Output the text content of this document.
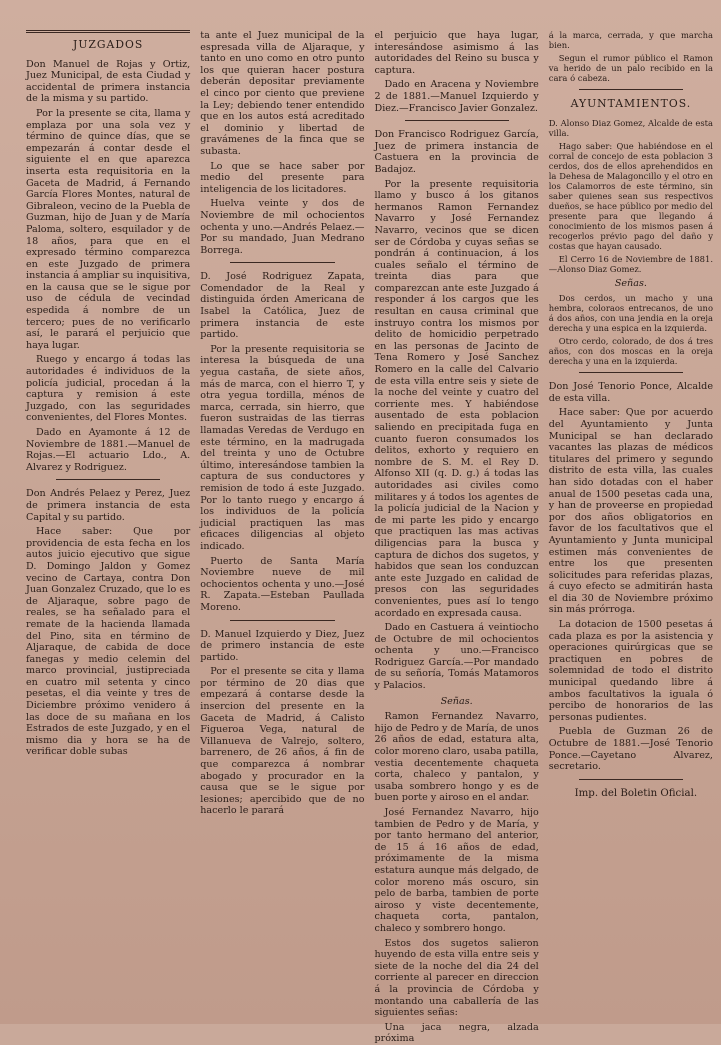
JUZGADOS

Don Manuel de Rojas y Ortiz, Juez Municipal, de esta Ciudad y accidental de primera instancia de la misma y su partido.

Por la presente se cita, llama y emplaza por una sola vez y término de quince días, que se empezarán á contar desde el siguiente el en que aparezca inserta esta requisitoria en la Gaceta de Madrid, á Fernando García Flores Montes, natural de Gibraleon, vecino de la Puebla de Guzman, hijo de Juan y de María Paloma, soltero, esquilador y de 18 años, para que en el expresado término comparezca en este Juzgado de primera instancia á ampliar su inquisitiva, en la causa que se le sigue por uso de cédula de vecindad espedida á nombre de un tercero; pues de no verificarlo así, le parará el perjuicio que haya lugar.

Ruego y encargo á todas las autoridades é individuos de la policía judicial, procedan á la captura y remision á este Juzgado, con las seguridades convenientes, del Flores Montes.

Dado en Ayamonte á 12 de Noviembre de 1881.—Manuel de Rojas.—El actuario Ldo., A. Alvarez y Rodriguez.

Don Andrés Pelaez y Perez, Juez de primera instancia de esta Capital y su partido.

Hace saber: Que por providencia de esta fecha en los autos juicio ejecutivo que sigue D. Domingo Jaldon y Gomez vecino de Cartaya, contra Don Juan Gonzalez Cruzado, que lo es de Aljaraque, sobre pago de reales, se ha señalado para el remate de la hacienda llamada del Pino, sita en término de Aljaraque, de cabida de doce fanegas y medio celemin del marco provincial, justipreciada en cuatro mil setenta y cinco pesetas, el dia veinte y tres de Diciembre próximo venidero á las doce de su mañana en los Estrados de este Juzgado, y en el mismo dia y hora se ha de verificar doble subas

ta ante el Juez municipal de la espresada villa de Aljaraque, y tanto en uno como en otro punto los que quieran hacer postura deberán depositar previamente el cinco por ciento que previene la Ley; debiendo tener entendido que en los autos está acreditado el dominio y libertad de gravámenes de la finca que se subasta.

Lo que se hace saber por medio del presente para inteligencia de los licitadores.

Huelva veinte y dos de Noviembre de mil ochocientos ochenta y uno.—Andrés Pelaez.—Por su mandado, Juan Medrano Borrega.

D. José Rodriguez Zapata, Comendador de la Real y distinguida órden Americana de Isabel la Católica, Juez de primera instancia de este partido.

Por la presente requisitoria se interesa la búsqueda de una yegua castaña, de siete años, más de marca, con el hierro T, y otra yegua tordilla, ménos de marca, cerrada, sin hierro, que fueron sustraidas de las tierras llamadas Veredas de Verdugo en este término, en la madrugada del treinta y uno de Octubre último, interesándose tambien la captura de sus conductores y remision de todo á este Juzgado. Por lo tanto ruego y encargo á los individuos de la policía judicial practiquen las mas eficaces diligencias al objeto indicado.

Puerto de Santa María Noviembre nueve de mil ochocientos ochenta y uno.—José R. Zapata.—Esteban Paullada Moreno.

D. Manuel Izquierdo y Diez, Juez de primero instancia de este partido.

Por el presente se cita y llama por término de 20 dias que empezará á contarse desde la insercion del presente en la Gaceta de Madrid, á Calisto Figueroa Vega, natural de Villanueva de Valrejo, soltero, barrenero, de 26 años, á fin de que comparezca á nombrar abogado y procurador en la causa que se le sigue por lesiones; apercibido que de no hacerlo le parará

el perjuicio que haya lugar, interesándose asimismo á las autoridades del Reino su busca y captura.

Dado en Aracena y Noviembre 2 de 1881.—Manuel Izquierdo y Diez.—Francisco Javier Gonzalez.

Don Francisco Rodriguez García, Juez de primera instancia de Castuera en la provincia de Badajoz.

Por la presente requisitoria llamo y busco á los gitanos hermanos Ramon Fernandez Navarro y José Fernandez Navarro, vecinos que se dicen ser de Córdoba y cuyas señas se pondrán á continuacion, á los cuales señalo el término de treinta dias para que comparezcan ante este Juzgado á responder á los cargos que les resultan en causa criminal que instruyo contra los mismos por delito de homicidio perpetrado en las personas de Jacinto de Tena Romero y José Sanchez Romero en la calle del Calvario de esta villa entre seis y siete de la noche del veinte y cuatro del corriente mes. Y habiéndose ausentado de esta poblacion saliendo en precipitada fuga en cuanto fueron consumados los delitos, exhorto y requiero en nombre de S. M. el Rey D. Alfonso XII (q. D. g.) á todas las autoridades asi civiles como militares y á todos los agentes de la policía judicial de la Nacion y de mi parte les pido y encargo que practiquen las mas activas diligencias para la busca y captura de dichos dos sugetos, y habidos que sean los conduzcan ante este Juzgado en calidad de presos con las seguridades convenientes, pues así lo tengo acordado en expresada causa.

Dado en Castuera á veintiocho de Octubre de mil ochocientos ochenta y uno.—Francisco Rodriguez García.—Por mandado de su señoría, Tomás Matamoros y Palacios.

Señas.

Ramon Fernandez Navarro, hijo de Pedro y de María, de unos 26 años de edad, estatura alta, color moreno claro, usaba patilla, vestia decentemente chaqueta corta, chaleco y pantalon, y usaba sombrero hongo y es de buen porte y airoso en el andar.

José Fernandez Navarro, hijo tambien de Pedro y de María, y por tanto hermano del anterior, de 15 á 16 años de edad, próximamente de la misma estatura aunque más delgado, de color moreno más oscuro, sin pelo de barba, tambien de porte airoso y viste decentemente, chaqueta corta, pantalon, chaleco y sombrero hongo.

Estos dos sugetos salieron huyendo de esta villa entre seis y siete de la noche del dia 24 del corriente al parecer en direccion á la provincia de Córdoba y montando una caballería de las siguientes señas:

Una jaca negra, alzada próxima

á la marca, cerrada, y que marcha bien.

Segun el rumor público el Ramon va herido de un palo recibido en la cara ó cabeza.

AYUNTAMIENTOS.

D. Alonso Diaz Gomez, Alcalde de esta villa.

Hago saber: Que habiéndose en el corral de concejo de esta poblacion 3 cerdos, dos de ellos aprehendidos en la Dehesa de Malagoncillo y el otro en los Calamorros de este término, sin saber quienes sean sus respectivos dueños, se hace público por medio del presente para que llegando á conocimiento de los mismos pasen á recogerlos prévio pago del daño y costas que hayan causado.

El Cerro 16 de Noviembre de 1881.—Alonso Diaz Gomez.

Señas.

Dos cerdos, un macho y una hembra, coloraos entrecanos, de uno á dos años, con una jendia en la oreja derecha y una espica en la izquierda.

Otro cerdo, colorado, de dos á tres años, con dos moscas en la oreja derecha y una en la izquierda.

Don José Tenorio Ponce, Alcalde de esta villa.

Hace saber: Que por acuerdo del Ayuntamiento y Junta Municipal se han declarado vacantes las plazas de médicos titulares del primero y segundo distrito de esta villa, las cuales han sido dotadas con el haber anual de 1500 pesetas cada una, y han de proveerse en propiedad por dos años obligatorios en favor de los facultativos que el Ayuntamiento y Junta municipal estimen más convenientes de entre los que presenten solicitudes para referidas plazas, á cuyo efecto se admitirán hasta el dia 30 de Noviembre próximo sin más prórroga.

La dotacion de 1500 pesetas á cada plaza es por la asistencia y operaciones quirúrgicas que se practiquen en pobres de solemnidad de todo el distrito municipal quedando libre á ambos facultativos la iguala ó percibo de honorarios de las personas pudientes.

Puebla de Guzman 26 de Octubre de 1881.—José Tenorio Ponce.—Cayetano Alvarez, secretario.

Imp. del Boletin Oficial.
